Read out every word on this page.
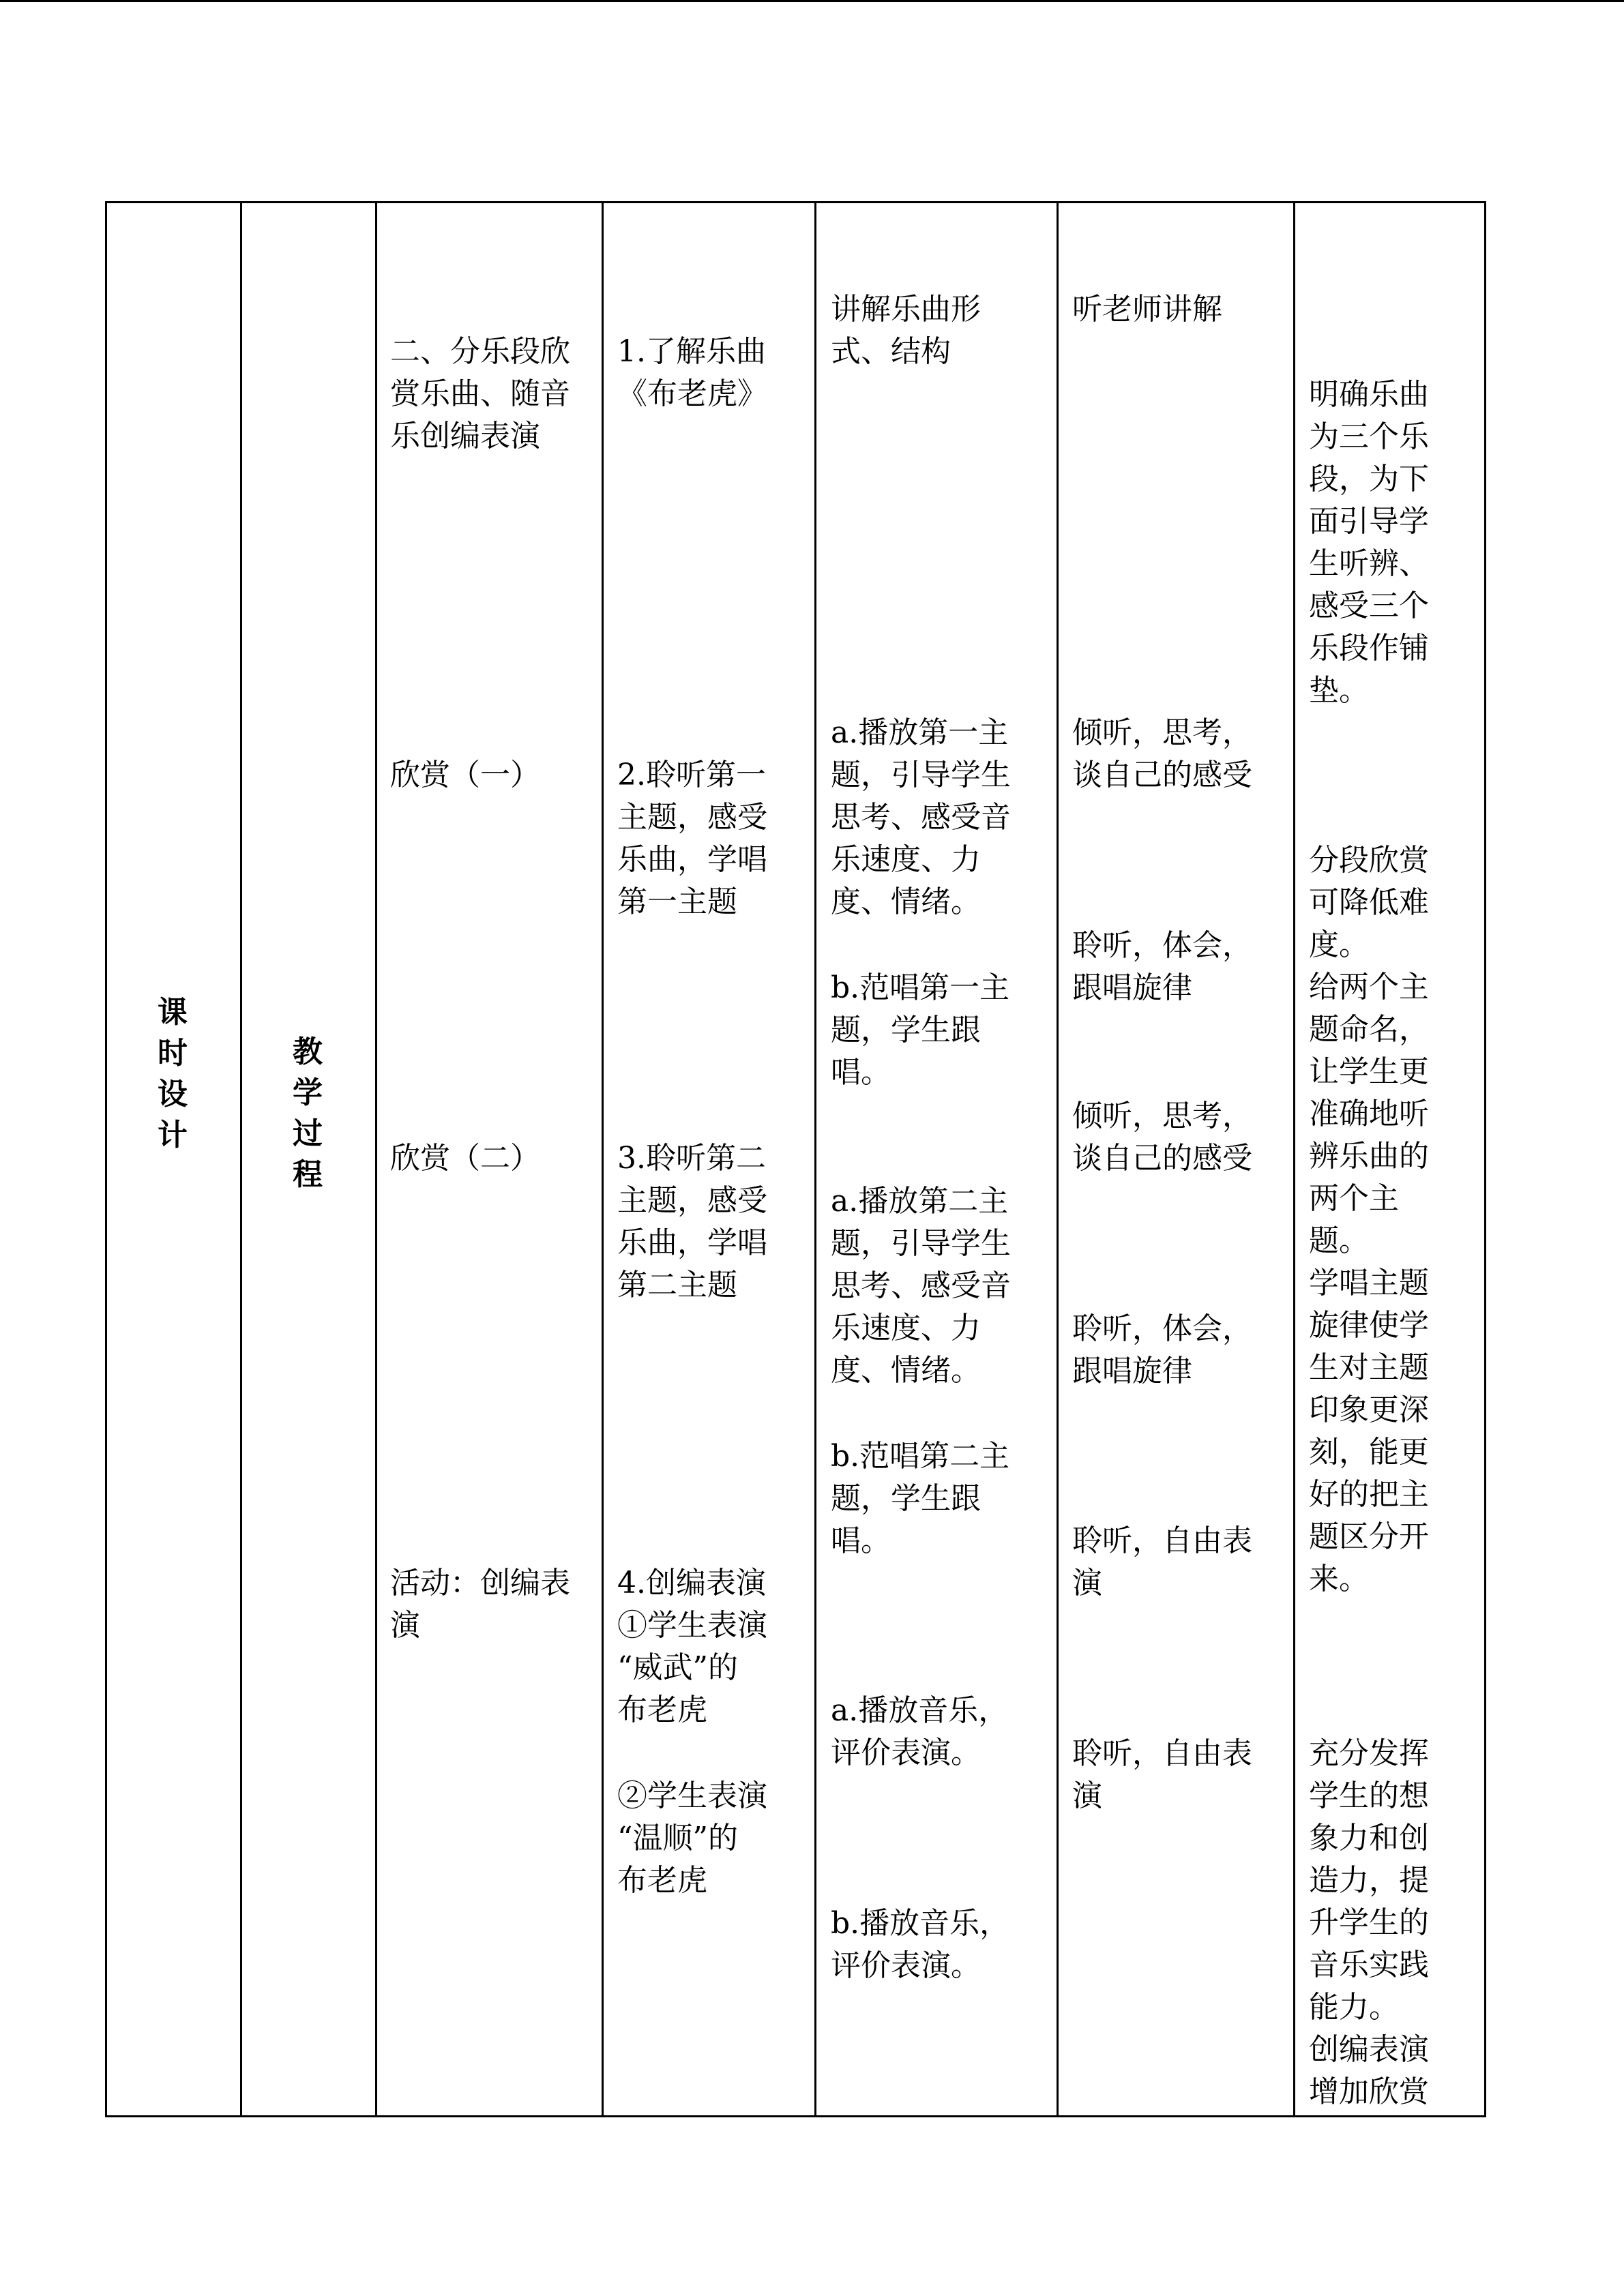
课
时
设
计
教
学
过
程
二、分乐段欣
赏乐曲、随音
乐创编表演
欣赏（一）
欣赏（二）
活动：创编表
演
1.了解乐曲
《布老虎》
2.聆听第一
主题，感受
乐曲，学唱
第一主题
3.聆听第二
主题，感受
乐曲，学唱
第二主题
4.创编表演
①学生表演
“威武”的
布老虎
②学生表演
“温顺”的
布老虎
讲解乐曲形
式、结构
a.播放第一主
题，引导学生
思考、感受音
乐速度、力
度、情绪。
b.范唱第一主
题，学生跟
唱。
a.播放第二主
题，引导学生
思考、感受音
乐速度、力
度、情绪。
b.范唱第二主
题，学生跟
唱。
a.播放音乐，
评价表演。
b.播放音乐，
评价表演。
听老师讲解
倾听，思考，
谈自己的感受
聆听，体会，
跟唱旋律
倾听，思考，
谈自己的感受
聆听，体会，
跟唱旋律
聆听，自由表
演
聆听，自由表
演
明确乐曲
为三个乐
段，为下
面引导学
生听辨、
感受三个
乐段作铺
垫。
分段欣赏
可降低难
度。
给两个主
题命名，
让学生更
准确地听
辨乐曲的
两个主
题。
学唱主题
旋律使学
生对主题
印象更深
刻，能更
好的把主
题区分开
来。
充分发挥
学生的想
象力和创
造力，提
升学生的
音乐实践
能力。
创编表演
增加欣赏
